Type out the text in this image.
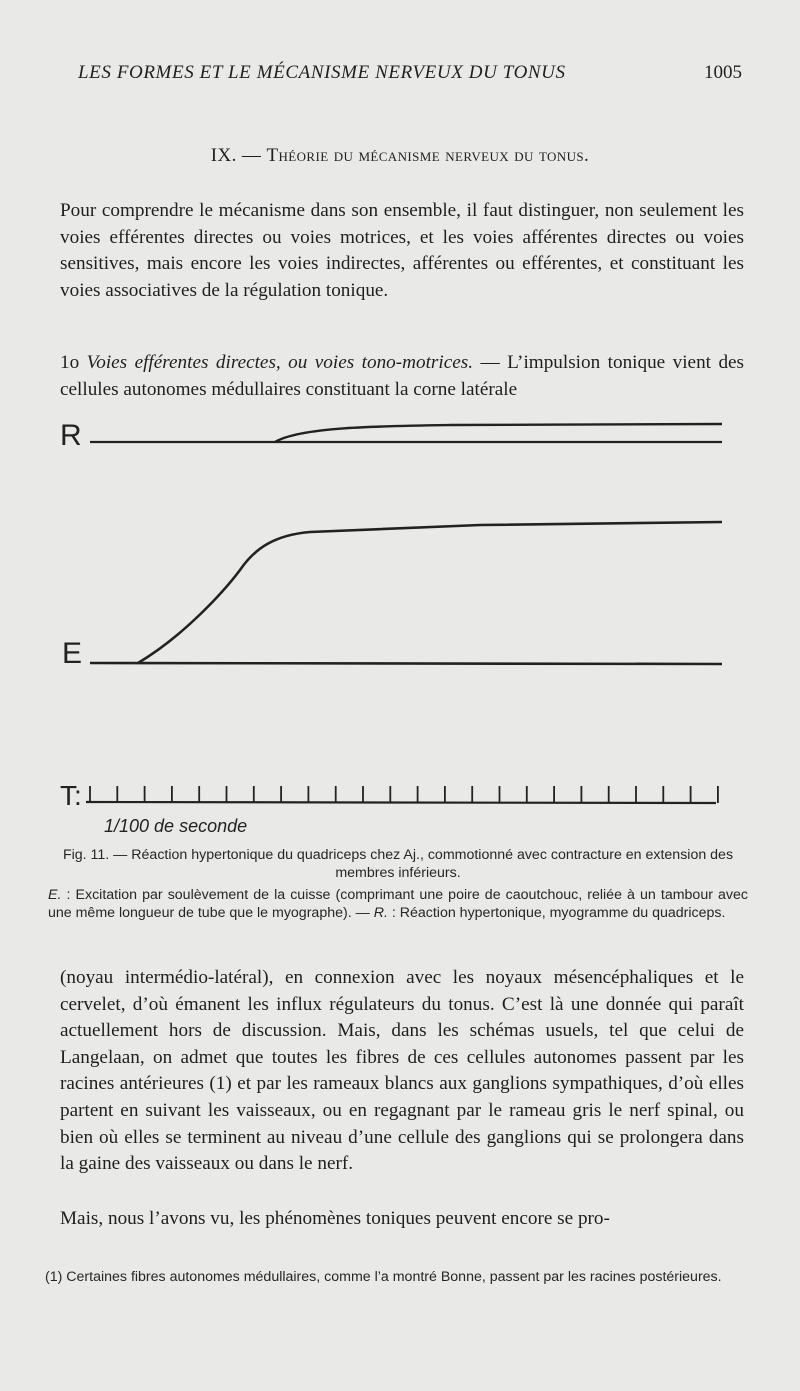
LES FORMES ET LE MÉCANISME NERVEUX DU TONUS	1005
IX. — Théorie du mécanisme nerveux du tonus.
Pour comprendre le mécanisme dans son ensemble, il faut distinguer, non seulement les voies efférentes directes ou voies motrices, et les voies afférentes directes ou voies sensitives, mais encore les voies indirectes, afférentes ou efférentes, et constituant les voies associatives de la régulation tonique.
1o Voies efférentes directes, ou voies tono-motrices. — L’impulsion tonique vient des cellules autonomes médullaires constituant la corne latérale
R
E
T:
1/100 de seconde
Fig. 11. — Réaction hypertonique du quadriceps chez Aj., commotionné avec contracture en extension des membres inférieurs.
E. : Excitation par soulèvement de la cuisse (comprimant une poire de caoutchouc, reliée à un tambour avec une même longueur de tube que le myographe). — R. : Réaction hypertonique, myogramme du quadriceps.
(noyau intermédio-latéral), en connexion avec les noyaux mésencéphaliques et le cervelet, d’où émanent les influx régulateurs du tonus. C’est là une donnée qui paraît actuellement hors de discussion. Mais, dans les schémas usuels, tel que celui de Langelaan, on admet que toutes les fibres de ces cellules autonomes passent par les racines antérieures (1) et par les rameaux blancs aux ganglions sympathiques, d’où elles partent en suivant les vaisseaux, ou en regagnant par le rameau gris le nerf spinal, ou bien où elles se terminent au niveau d’une cellule des ganglions qui se prolongera dans la gaine des vaisseaux ou dans le nerf.
Mais, nous l’avons vu, les phénomènes toniques peuvent encore se pro-
(1) Certaines fibres autonomes médullaires, comme l’a montré Bonne, passent par les racines postérieures.
